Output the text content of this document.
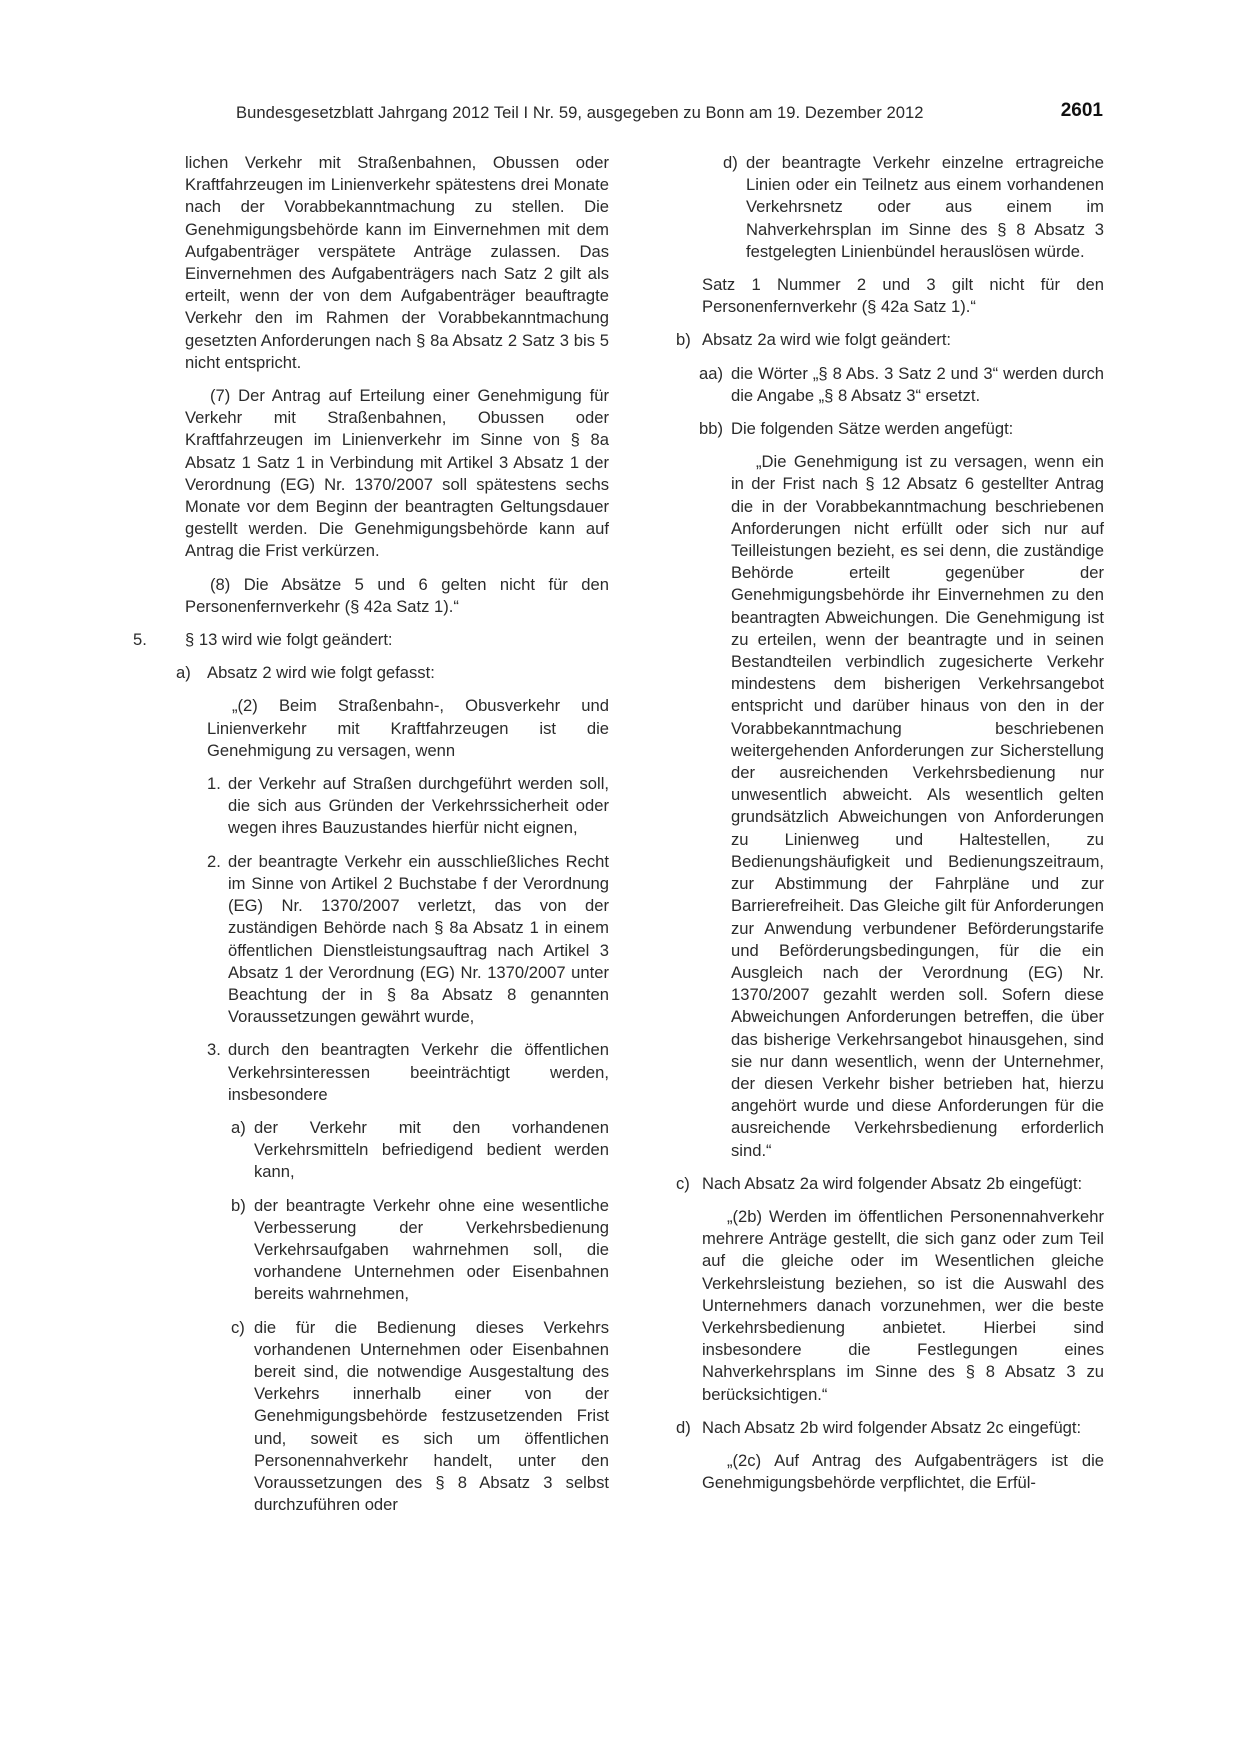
Bundesgesetzblatt Jahrgang 2012 Teil I Nr. 59, ausgegeben zu Bonn am 19. Dezember 2012	2601

lichen Verkehr mit Straßenbahnen, Obussen oder Kraftfahrzeugen im Linienverkehr spätestens drei Monate nach der Vorabbekanntmachung zu stellen. Die Genehmigungsbehörde kann im Einvernehmen mit dem Aufgabenträger verspätete Anträge zulassen. Das Einvernehmen des Aufgabenträgers nach Satz 2 gilt als erteilt, wenn der von dem Aufgabenträger beauftragte Verkehr den im Rahmen der Vorabbekanntmachung gesetzten Anforderungen nach § 8a Absatz 2 Satz 3 bis 5 nicht entspricht.

(7) Der Antrag auf Erteilung einer Genehmigung für Verkehr mit Straßenbahnen, Obussen oder Kraftfahrzeugen im Linienverkehr im Sinne von § 8a Absatz 1 Satz 1 in Verbindung mit Artikel 3 Absatz 1 der Verordnung (EG) Nr. 1370/2007 soll spätestens sechs Monate vor dem Beginn der beantragten Geltungsdauer gestellt werden. Die Genehmigungsbehörde kann auf Antrag die Frist verkürzen.

(8) Die Absätze 5 und 6 gelten nicht für den Personenfernverkehr (§ 42a Satz 1).“

5. § 13 wird wie folgt geändert:

a) Absatz 2 wird wie folgt gefasst:

„(2) Beim Straßenbahn-, Obusverkehr und Linienverkehr mit Kraftfahrzeugen ist die Genehmigung zu versagen, wenn

1. der Verkehr auf Straßen durchgeführt werden soll, die sich aus Gründen der Verkehrssicherheit oder wegen ihres Bauzustandes hierfür nicht eignen,

2. der beantragte Verkehr ein ausschließliches Recht im Sinne von Artikel 2 Buchstabe f der Verordnung (EG) Nr. 1370/2007 verletzt, das von der zuständigen Behörde nach § 8a Absatz 1 in einem öffentlichen Dienstleistungsauftrag nach Artikel 3 Absatz 1 der Verordnung (EG) Nr. 1370/2007 unter Beachtung der in § 8a Absatz 8 genannten Voraussetzungen gewährt wurde,

3. durch den beantragten Verkehr die öffentlichen Verkehrsinteressen beeinträchtigt werden, insbesondere

a) der Verkehr mit den vorhandenen Verkehrsmitteln befriedigend bedient werden kann,

b) der beantragte Verkehr ohne eine wesentliche Verbesserung der Verkehrsbedienung Verkehrsaufgaben wahrnehmen soll, die vorhandene Unternehmen oder Eisenbahnen bereits wahrnehmen,

c) die für die Bedienung dieses Verkehrs vorhandenen Unternehmen oder Eisenbahnen bereit sind, die notwendige Ausgestaltung des Verkehrs innerhalb einer von der Genehmigungsbehörde festzusetzenden Frist und, soweit es sich um öffentlichen Personennahverkehr handelt, unter den Voraussetzungen des § 8 Absatz 3 selbst durchzuführen oder

d) der beantragte Verkehr einzelne ertragreiche Linien oder ein Teilnetz aus einem vorhandenen Verkehrsnetz oder aus einem im Nahverkehrsplan im Sinne des § 8 Absatz 3 festgelegten Linienbündel herauslösen würde.

Satz 1 Nummer 2 und 3 gilt nicht für den Personenfernverkehr (§ 42a Satz 1).“

b) Absatz 2a wird wie folgt geändert:

aa) die Wörter „§ 8 Abs. 3 Satz 2 und 3“ werden durch die Angabe „§ 8 Absatz 3“ ersetzt.

bb) Die folgenden Sätze werden angefügt:

„Die Genehmigung ist zu versagen, wenn ein in der Frist nach § 12 Absatz 6 gestellter Antrag die in der Vorabbekanntmachung beschriebenen Anforderungen nicht erfüllt oder sich nur auf Teilleistungen bezieht, es sei denn, die zuständige Behörde erteilt gegenüber der Genehmigungsbehörde ihr Einvernehmen zu den beantragten Abweichungen. Die Genehmigung ist zu erteilen, wenn der beantragte und in seinen Bestandteilen verbindlich zugesicherte Verkehr mindestens dem bisherigen Verkehrsangebot entspricht und darüber hinaus von den in der Vorabbekanntmachung beschriebenen weitergehenden Anforderungen zur Sicherstellung der ausreichenden Verkehrsbedienung nur unwesentlich abweicht. Als wesentlich gelten grundsätzlich Abweichungen von Anforderungen zu Linienweg und Haltestellen, zu Bedienungshäufigkeit und Bedienungszeitraum, zur Abstimmung der Fahrpläne und zur Barrierefreiheit. Das Gleiche gilt für Anforderungen zur Anwendung verbundener Beförderungstarife und Beförderungsbedingungen, für die ein Ausgleich nach der Verordnung (EG) Nr. 1370/2007 gezahlt werden soll. Sofern diese Abweichungen Anforderungen betreffen, die über das bisherige Verkehrsangebot hinausgehen, sind sie nur dann wesentlich, wenn der Unternehmer, der diesen Verkehr bisher betrieben hat, hierzu angehört wurde und diese Anforderungen für die ausreichende Verkehrsbedienung erforderlich sind.“

c) Nach Absatz 2a wird folgender Absatz 2b eingefügt:

„(2b) Werden im öffentlichen Personennahverkehr mehrere Anträge gestellt, die sich ganz oder zum Teil auf die gleiche oder im Wesentlichen gleiche Verkehrsleistung beziehen, so ist die Auswahl des Unternehmers danach vorzunehmen, wer die beste Verkehrsbedienung anbietet. Hierbei sind insbesondere die Festlegungen eines Nahverkehrsplans im Sinne des § 8 Absatz 3 zu berücksichtigen.“

d) Nach Absatz 2b wird folgender Absatz 2c eingefügt:

„(2c) Auf Antrag des Aufgabenträgers ist die Genehmigungsbehörde verpflichtet, die Erfül-
